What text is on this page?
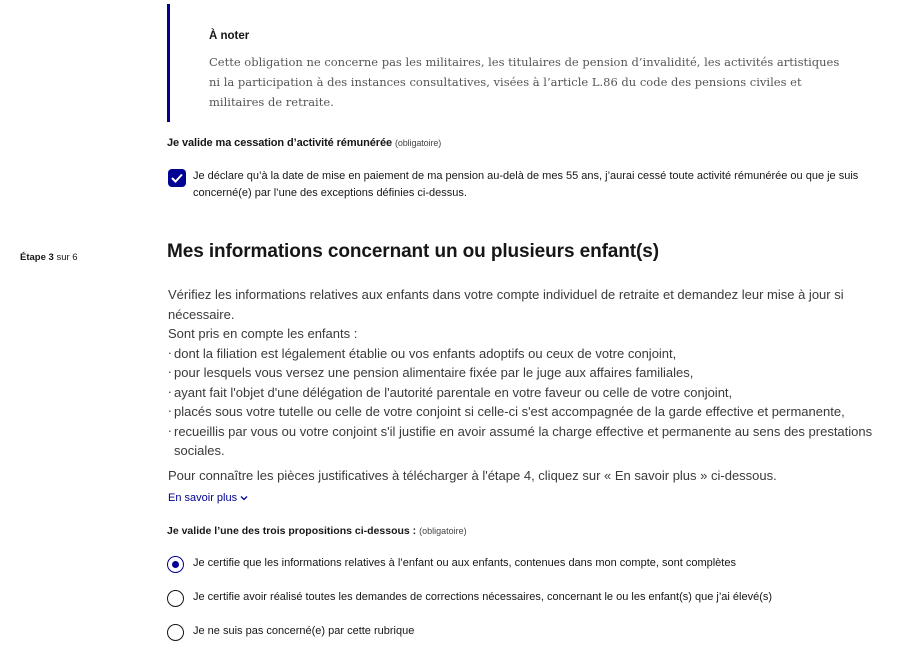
À noter
Cette obligation ne concerne pas les militaires, les titulaires de pension d’invalidité, les activités artistiques ni la participation à des instances consultatives, visées à l’article L.86 du code des pensions civiles et militaires de retraite.
Je valide ma cessation d’activité rémunérée (obligatoire)
Je déclare qu’à la date de mise en paiement de ma pension au-delà de mes 55 ans, j’aurai cessé toute activité rémunérée ou que je suis concerné(e) par l’une des exceptions définies ci-dessus.
Étape 3 sur 6	Mes informations concernant un ou plusieurs enfant(s)
Vérifiez les informations relatives aux enfants dans votre compte individuel de retraite et demandez leur mise à jour si nécessaire.
Sont pris en compte les enfants :
. dont la filiation est légalement établie ou vos enfants adoptifs ou ceux de votre conjoint,
. pour lesquels vous versez une pension alimentaire fixée par le juge aux affaires familiales,
. ayant fait l'objet d'une délégation de l'autorité parentale en votre faveur ou celle de votre conjoint,
. placés sous votre tutelle ou celle de votre conjoint si celle-ci s'est accompagnée de la garde effective et permanente,
. recueillis par vous ou votre conjoint s'il justifie en avoir assumé la charge effective et permanente au sens des prestations sociales.
Pour connaître les pièces justificatives à télécharger à l'étape 4, cliquez sur « En savoir plus » ci-dessous.
En savoir plus
Je valide l’une des trois propositions ci-dessous : (obligatoire)
Je certifie que les informations relatives à l’enfant ou aux enfants, contenues dans mon compte, sont complètes
Je certifie avoir réalisé toutes les demandes de corrections nécessaires, concernant le ou les enfant(s) que j’ai élevé(s)
Je ne suis pas concerné(e) par cette rubrique
